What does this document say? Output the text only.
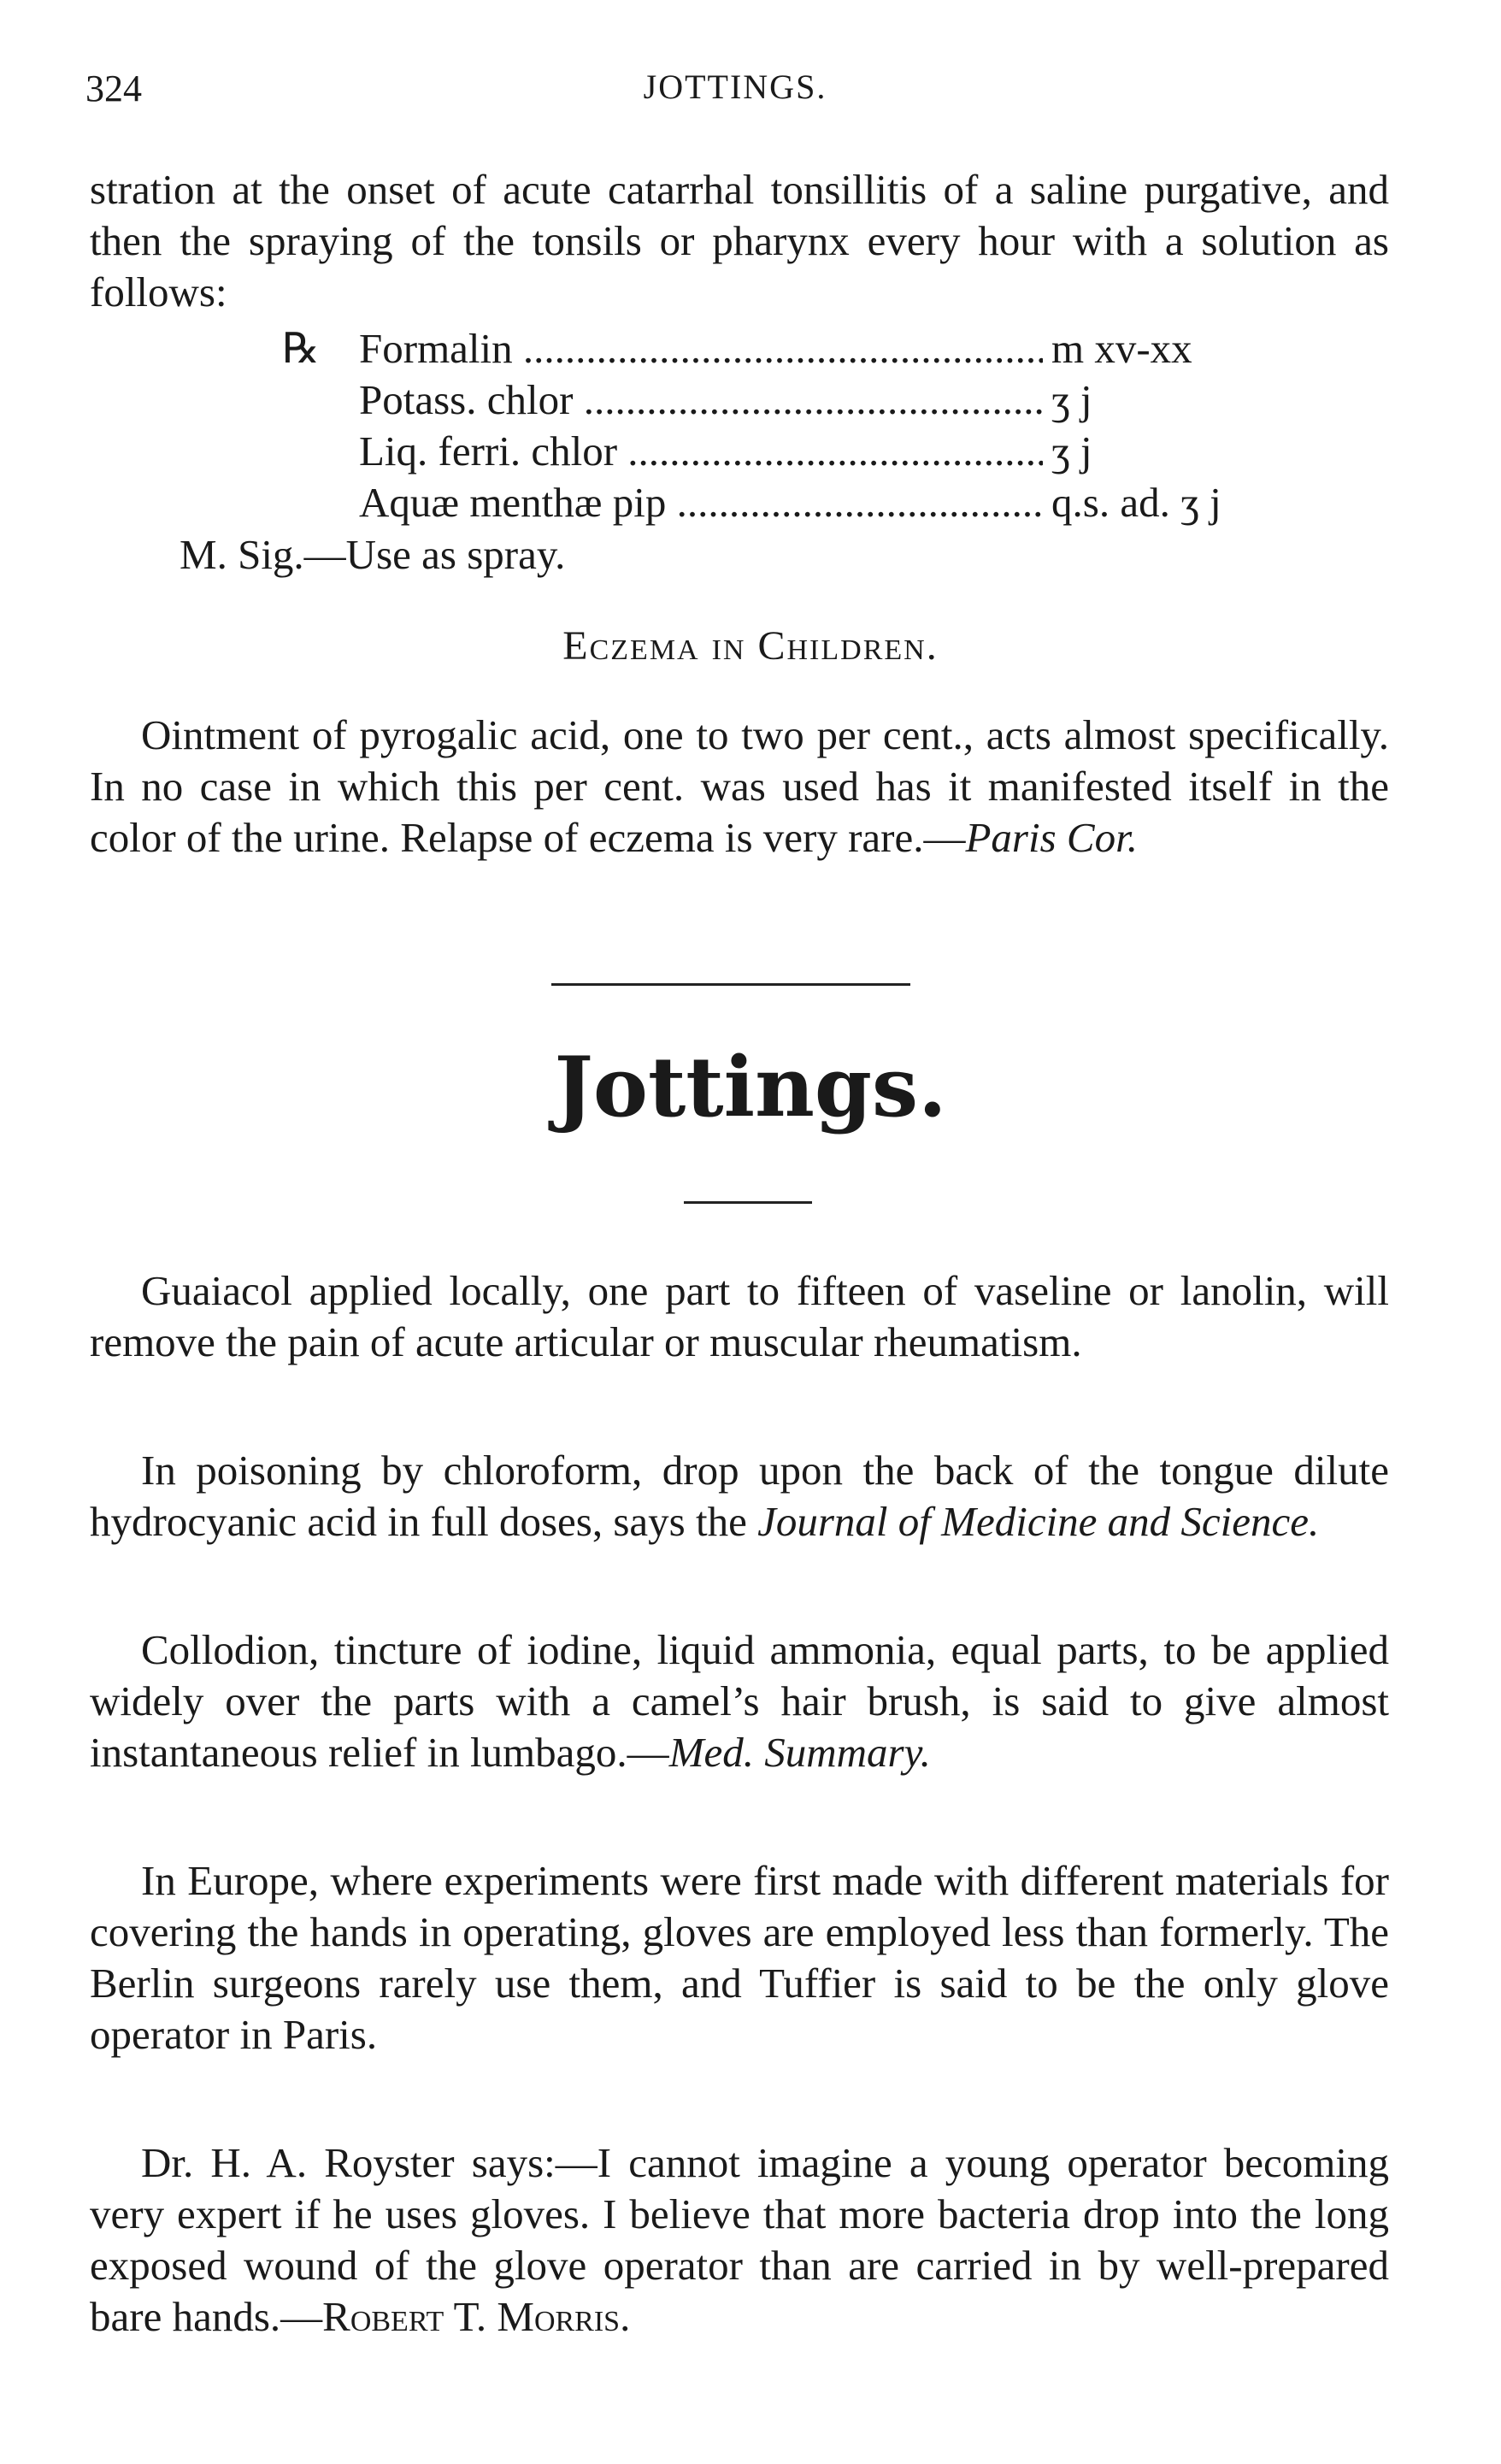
324	JOTTINGS.

stration at the onset of acute catarrhal tonsillitis of a saline purgative, and then the spraying of the tonsils or pharynx every hour with a solution as follows:

℞ Formalin .....	m xv-xx
Potass. chlor .....	ʒ j
Liq. ferri. chlor .....	ʒ j
Aquæ menthæ pip .....	q.s. ad. ʒ j
M. Sig.—Use as spray.
Eczema in Children.

Ointment of pyrogalic acid, one to two per cent., acts almost specifically. In no case in which this per cent. was used has it manifested itself in the color of the urine. Relapse of eczema is very rare.—Paris Cor.

Jottings.

Guaiacol applied locally, one part to fifteen of vaseline or lanolin, will remove the pain of acute articular or muscular rheumatism.

In poisoning by chloroform, drop upon the back of the tongue dilute hydrocyanic acid in full doses, says the Journal of Medicine and Science.

Collodion, tincture of iodine, liquid ammonia, equal parts, to be applied widely over the parts with a camel’s hair brush, is said to give almost instantaneous relief in lumbago.—Med. Summary.

In Europe, where experiments were first made with different materials for covering the hands in operating, gloves are employed less than formerly. The Berlin surgeons rarely use them, and Tuffier is said to be the only glove operator in Paris.

Dr. H. A. Royster says:—I cannot imagine a young operator becoming very expert if he uses gloves. I believe that more bacteria drop into the long exposed wound of the glove operator than are carried in by well-prepared bare hands.—Robert T. Morris.
